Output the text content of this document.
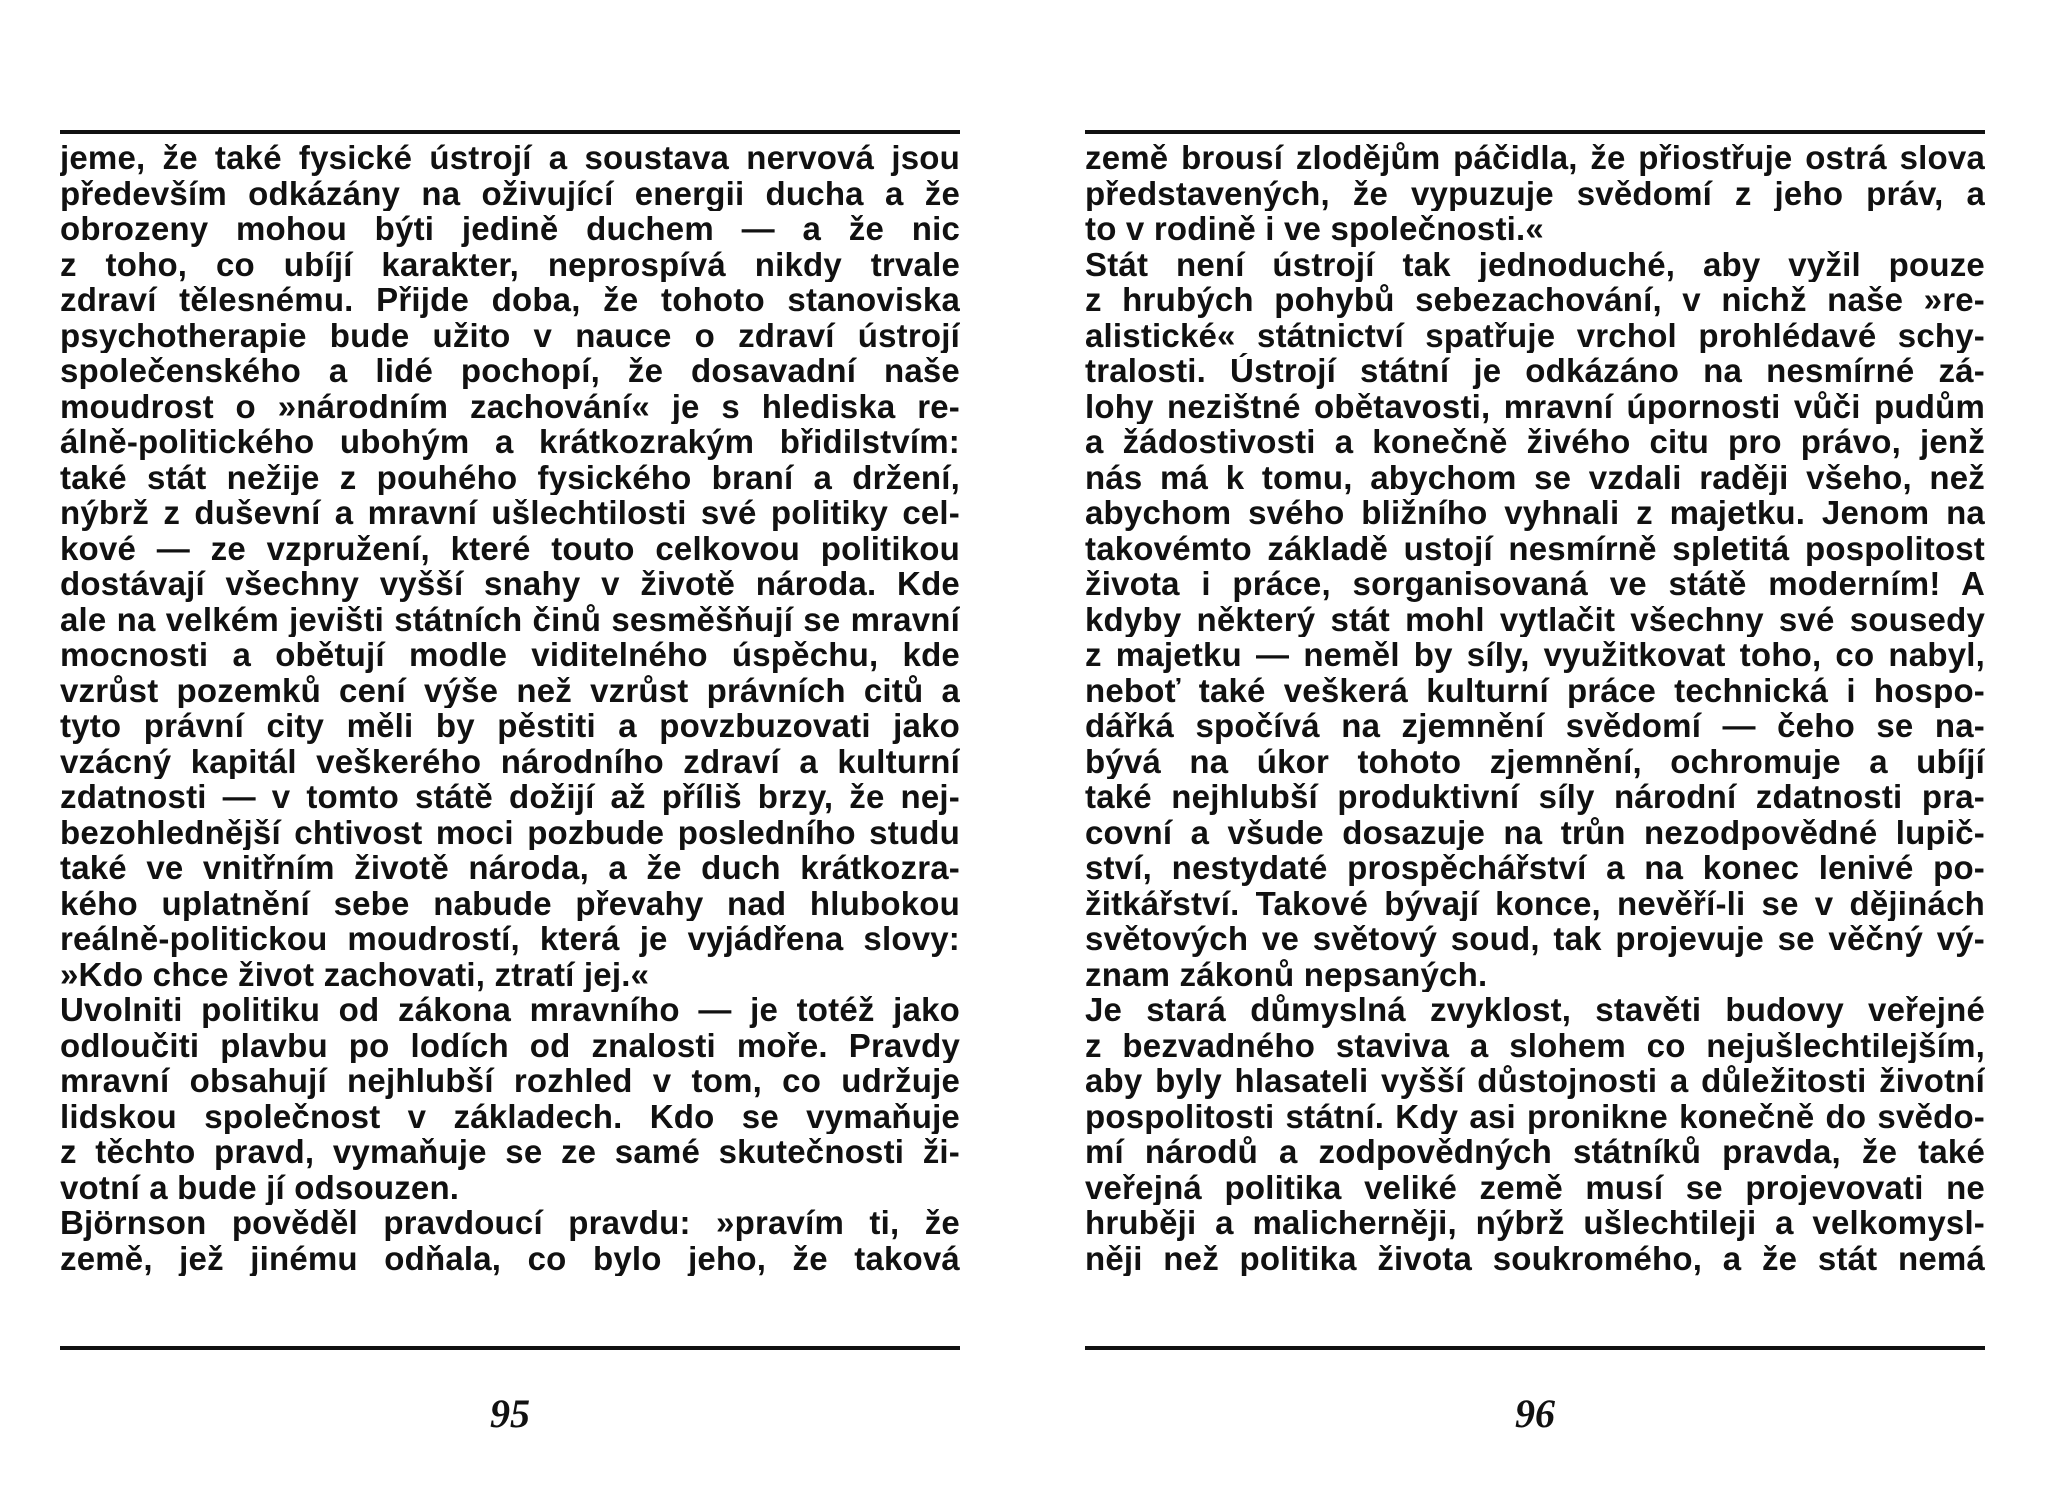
jeme, že také fysické ústrojí a soustava nervová jsou
především odkázány na oživující energii ducha a že
obrozeny mohou býti jedině duchem — a že nic
z toho, co ubíjí karakter, neprospívá nikdy trvale
zdraví tělesnému. Přijde doba, že tohoto stanoviska
psychotherapie bude užito v nauce o zdraví ústrojí
společenského a lidé pochopí, že dosavadní naše
moudrost o »národním zachování« je s hlediska re-
álně-politického ubohým a krátkozrakým břidilstvím:
také stát nežije z pouhého fysického braní a držení,
nýbrž z duševní a mravní ušlechtilosti své politiky cel-
kové — ze vzpružení, které touto celkovou politikou
dostávají všechny vyšší snahy v životě národa. Kde
ale na velkém jevišti státních činů sesměšňují se mravní
mocnosti a obětují modle viditelného úspěchu, kde
vzrůst pozemků cení výše než vzrůst právních citů a
tyto právní city měli by pěstiti a povzbuzovati jako
vzácný kapitál veškerého národního zdraví a kulturní
zdatnosti — v tomto státě dožijí až příliš brzy, že nej-
bezohlednější chtivost moci pozbude posledního studu
také ve vnitřním životě národa, a že duch krátkozra-
kého uplatnění sebe nabude převahy nad hlubokou
reálně-politickou moudrostí, která je vyjádřena slovy:
»Kdo chce život zachovati, ztratí jej.«
Uvolniti politiku od zákona mravního — je totéž jako
odloučiti plavbu po lodích od znalosti moře. Pravdy
mravní obsahují nejhlubší rozhled v tom, co udržuje
lidskou společnost v základech. Kdo se vymaňuje
z těchto pravd, vymaňuje se ze samé skutečnosti ži-
votní a bude jí odsouzen.
Björnson pověděl pravdoucí pravdu: »pravím ti, že
země, jež jinému odňala, co bylo jeho, že taková
95
země brousí zlodějům páčidla, že přiostřuje ostrá slova
představených, že vypuzuje svědomí z jeho práv, a
to v rodině i ve společnosti.«
Stát není ústrojí tak jednoduché, aby vyžil pouze
z hrubých pohybů sebezachování, v nichž naše »re-
alistické« státnictví spatřuje vrchol prohlédavé schy-
tralosti. Ústrojí státní je odkázáno na nesmírné zá-
lohy nezištné obětavosti, mravní úpornosti vůči pudům
a žádostivosti a konečně živého citu pro právo, jenž
nás má k tomu, abychom se vzdali raději všeho, než
abychom svého bližního vyhnali z majetku. Jenom na
takovémto základě ustojí nesmírně spletitá pospolitost
života i práce, sorganisovaná ve státě moderním! A
kdyby některý stát mohl vytlačit všechny své sousedy
z majetku — neměl by síly, využitkovat toho, co nabyl,
neboť také veškerá kulturní práce technická i hospo-
dářká spočívá na zjemnění svědomí — čeho se na-
bývá na úkor tohoto zjemnění, ochromuje a ubíjí
také nejhlubší produktivní síly národní zdatnosti pra-
covní a všude dosazuje na trůn nezodpovědné lupič-
ství, nestydaté prospěchářství a na konec lenivé po-
žitkářství. Takové bývají konce, nevěří-li se v dějinách
světových ve světový soud, tak projevuje se věčný vý-
znam zákonů nepsaných.
Je stará důmyslná zvyklost, stavěti budovy veřejné
z bezvadného staviva a slohem co nejušlechtilejším,
aby byly hlasateli vyšší důstojnosti a důležitosti životní
pospolitosti státní. Kdy asi pronikne konečně do svědo-
mí národů a zodpovědných státníků pravda, že také
veřejná politika veliké země musí se projevovati ne
hruběji a malicherněji, nýbrž ušlechtileji a velkomysl-
něji než politika života soukromého, a že stát nemá
96
